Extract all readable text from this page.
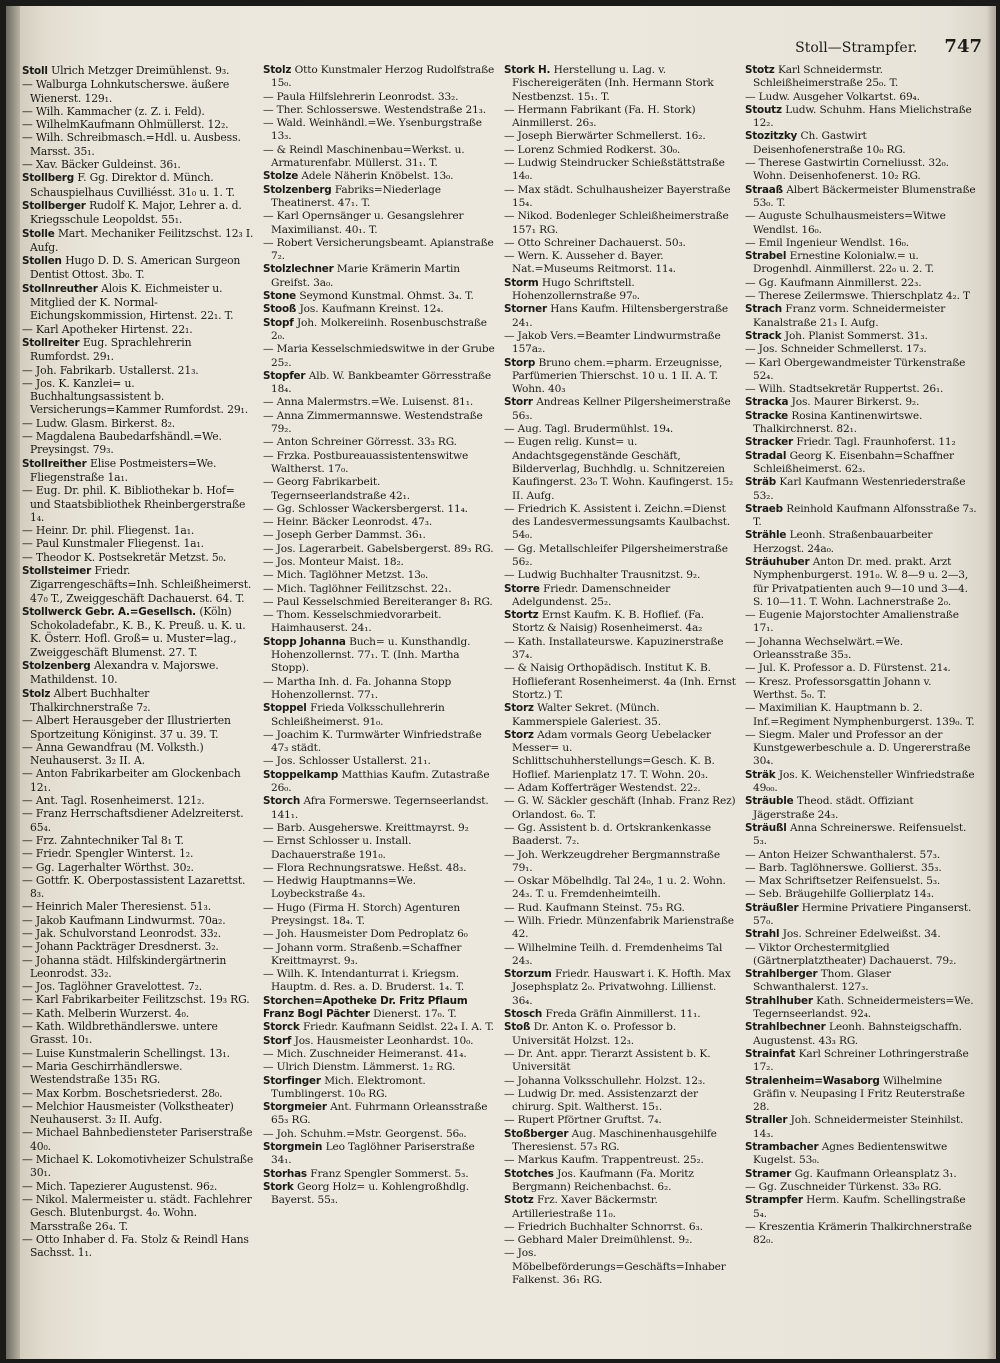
Stoll—Strampfer. 747

Stoll Ulrich Metzger Dreimühlenst. 9₃.

— Walburga Lohnkutscherswe. äußere Wienerst. 129₁.

— Wilh. Kammacher (z. Z. i. Feld).

— WilhelmKaufmann Ohlmüllerst. 12₂.

— Wilh. Schreibmasch.=Hdl. u. Ausbess. Marsst. 35₁.

— Xav. Bäcker Guldeinst. 36₁.

Stollberg F. Gg. Direktor d. Münch. Schauspielhaus Cuvilliésst. 31₀ u. 1. T.

Stollberger Rudolf K. Major, Lehrer a. d. Kriegsschule Leopoldst. 55₁.

Stolle Mart. Mechaniker Feilitzschst. 12₃ I. Aufg.

Stollen Hugo D. D. S. American Surgeon Dentist Ottost. 3b₀. T.

Stollnreuther Alois K. Eichmeister u. Mitglied der K. Normal-Eichungskommission, Hirtenst. 22₁. T.

— Karl Apotheker Hirtenst. 22₁.

Stollreiter Eug. Sprachlehrerin Rumfordst. 29₁.

— Joh. Fabrikarb. Ustallerst. 21₃.

— Jos. K. Kanzlei= u. Buchhaltungsassistent b. Versicherungs=Kammer Rumfordst. 29₁.

— Ludw. Glasm. Birkerst. 8₂.

— Magdalena Baubedarfshändl.=We. Preysingst. 79₃.

Stollreither Elise Postmeisters=We. Fliegenstraße 1a₁.

— Eug. Dr. phil. K. Bibliothekar b. Hof= und Staatsbibliothek Rheinbergerstraße 1₄.

— Heinr. Dr. phil. Fliegenst. 1a₁.

— Paul Kunstmaler Fliegenst. 1a₁.

— Theodor K. Postsekretär Metzst. 5₀.

Stollsteimer Friedr. Zigarrengeschäfts=Inh. Schleißheimerst. 47₀ T., Zweiggeschäft Dachauerst. 64. T.

Stollwerck Gebr. A.=Gesellsch. (Köln) Schokoladefabr., K. B., K. Preuß. u. K. u. K. Österr. Hofl. Groß= u. Muster=lag., Zweiggeschäft Blumenst. 27. T.

Stolzenberg Alexandra v. Majorswe. Mathildenst. 10.

Stolz Albert Buchhalter Thalkirchnerstraße 7₂.

— Albert Herausgeber der Illustrierten Sportzeitung Königinst. 37 u. 39. T.

— Anna Gewandfrau (M. Volksth.) Neuhauserst. 3₂ II. A.

— Anton Fabrikarbeiter am Glockenbach 12₁.

— Ant. Tagl. Rosenheimerst. 121₂.

— Franz Herrschaftsdiener Adelzreiterst. 65₄.

— Frz. Zahntechniker Tal 8₁ T.

— Friedr. Spengler Winterst. 1₂.

— Gg. Lagerhalter Wörthst. 30₂.

— Gottfr. K. Oberpostassistent Lazarettst. 8₃.

— Heinrich Maler Theresienst. 51₃.

— Jakob Kaufmann Lindwurmst. 70a₂.

— Jak. Schulvorstand Leonrodst. 33₂.

— Johann Packträger Dresdnerst. 3₂.

— Johanna städt. Hilfskindergärtnerin Leonrodst. 33₂.

— Jos. Taglöhner Gravelottest. 7₂.

— Karl Fabrikarbeiter Feilitzschst. 19₃ RG.

— Kath. Melberin Wurzerst. 4₀.

— Kath. Wildbrethändlerswe. untere Grasst. 10₁.

— Luise Kunstmalerin Schellingst. 13₁.

— Maria Geschirrhändlerswe. Westendstraße 135₁ RG.

— Max Korbm. Boschetsriederst. 28₀.

— Melchior Hausmeister (Volkstheater) Neuhauserst. 3₂ II. Aufg.

— Michael Bahnbediensteter Pariserstraße 40₀.

— Michael K. Lokomotivheizer Schulstraße 30₁.

— Mich. Tapezierer Augustenst. 96₂.

— Nikol. Malermeister u. städt. Fachlehrer Gesch. Blutenburgst. 4₀. Wohn. Marsstraße 26₄. T.

— Otto Inhaber d. Fa. Stolz & Reindl Hans Sachsst. 1₁.

Stolz Otto Kunstmaler Herzog Rudolfstraße 15₀.

— Paula Hilfslehrerin Leonrodst. 33₂.

— Ther. Schlosserswe. Westendstraße 21₃.

— Wald. Weinhändl.=We. Ysenburgstraße 13₃.

— & Reindl Maschinenbau=Werkst. u. Armaturenfabr. Müllerst. 31₁. T.

Stolze Adele Näherin Knöbelst. 13₀.

Stolzenberg Fabriks=Niederlage Theatinerst. 47₁. T.

— Karl Opernsänger u. Gesangslehrer Maximilianst. 40₁. T.

— Robert Versicherungsbeamt. Apianstraße 7₂.

Stolzlechner Marie Krämerin Martin Greifst. 3a₀.

Stone Seymond Kunstmal. Ohmst. 3₄. T.

Stooß Jos. Kaufmann Kreinst. 12₄.

Stopf Joh. Molkereiinh. Rosenbuschstraße 2₀.

— Maria Kesselschmiedswitwe in der Grube 25₂.

Stopfer Alb. W. Bankbeamter Görresstraße 18₄.

— Anna Malermstrs.=We. Luisenst. 81₁.

— Anna Zimmermannswe. Westendstraße 79₂.

— Anton Schreiner Görresst. 33₃ RG.

— Frzka. Postbureauassistentenswitwe Waltherst. 17₀.

— Georg Fabrikarbeit. Tegernseerlandstraße 42₁.

— Gg. Schlosser Wackersbergerst. 11₄.

— Heinr. Bäcker Leonrodst. 47₃.

— Joseph Gerber Dammst. 36₁.

— Jos. Lagerarbeit. Gabelsbergerst. 89₃ RG.

— Jos. Monteur Maist. 18₂.

— Mich. Taglöhner Metzst. 13₀.

— Mich. Taglöhner Feilitzschst. 22₁.

— Paul Kesselschmied Bereiteranger 8₁ RG.

— Thom. Kesselschmiedvorarbeit. Haimhauserst. 24₁.

Stopp Johanna Buch= u. Kunsthandlg. Hohenzollernst. 77₁. T. (Inh. Martha Stopp).

— Martha Inh. d. Fa. Johanna Stopp Hohenzollernst. 77₁.

Stoppel Frieda Volksschullehrerin Schleißheimerst. 91₀.

— Joachim K. Turmwärter Winfriedstraße 47₃ städt.

— Jos. Schlosser Ustallerst. 21₁.

Stoppelkamp Matthias Kaufm. Zutastraße 26₀.

Storch Afra Formerswe. Tegernseerlandst. 141₁.

— Barb. Ausgeherswe. Kreittmayrst. 9₂

— Ernst Schlosser u. Install. Dachauerstraße 191₀.

— Flora Rechnungsratswe. Heßst. 48₃.

— Hedwig Hauptmanns=We. Loybeckstraße 4₃.

— Hugo (Firma H. Storch) Agenturen Preysingst. 18₄. T.

— Joh. Hausmeister Dom Pedroplatz 6₀

— Johann vorm. Straßenb.=Schaffner Kreittmayrst. 9₃.

— Wilh. K. Intendanturrat i. Kriegsm. Hauptm. d. Res. a. D. Bruderst. 1₄. T.

Storchen=Apotheke Dr. Fritz Pflaum

Franz Bogl Pächter Dienerst. 17₀. T.

Storck Friedr. Kaufmann Seidlst. 22₄ I. A. T.

Storf Jos. Hausmeister Leonhardst. 10₀.

— Mich. Zuschneider Heimeranst. 41₄.

— Ulrich Dienstm. Lämmerst. 1₂ RG.

Storfinger Mich. Elektromont. Tumblingerst. 10₀ RG.

Storgmeier Ant. Fuhrmann Orleansstraße 65₃ RG.

— Joh. Schuhm.=Mstr. Georgenst. 56₀.

Storgmein Leo Taglöhner Pariserstraße 34₁.

Storhas Franz Spengler Sommerst. 5₃.

Stork Georg Holz= u. Kohlengroßhdlg. Bayerst. 55₃.

Stork H. Herstellung u. Lag. v. Fischereigeräten (Inh. Hermann Stork Nestbenzst. 15₁. T.

— Hermann Fabrikant (Fa. H. Stork) Ainmillerst. 26₃.

— Joseph Bierwärter Schmellerst. 16₂.

— Lorenz Schmied Rodkerst. 30₀.

— Ludwig Steindrucker Schießstättstraße 14₀.

— Max städt. Schulhausheizer Bayerstraße 15₄.

— Nikod. Bodenleger Schleißheimerstraße 157₁ RG.

— Otto Schreiner Dachauerst. 50₃.

— Wern. K. Ausseher d. Bayer. Nat.=Museums Reitmorst. 11₄.

Storm Hugo Schriftstell. Hohenzollernstraße 97₀.

Storner Hans Kaufm. Hiltensbergerstraße 24₁.

— Jakob Vers.=Beamter Lindwurmstraße 157a₂.

Storp Bruno chem.=pharm. Erzeugnisse, Parfümerien Thierschst. 10 u. 1 II. A. T. Wohn. 40₃

Storr Andreas Kellner Pilgersheimerstraße 56₃.

— Aug. Tagl. Brudermühlst. 19₄.

— Eugen relig. Kunst= u. Andachtsgegenstände Geschäft, Bilderverlag, Buchhdlg. u. Schnitzereien Kaufingerst. 23₀ T. Wohn. Kaufingerst. 15₂ II. Aufg.

— Friedrich K. Assistent i. Zeichn.=Dienst des Landesvermessungsamts Kaulbachst. 54₀.

— Gg. Metallschleifer Pilgersheimerstraße 56₂.

— Ludwig Buchhalter Trausnitzst. 9₂.

Storre Friedr. Damenschneider Adelgundenst. 25₂.

Stortz Ernst Kaufm. K. B. Hoflief. (Fa. Stortz & Naisig) Rosenheimerst. 4a₂

— Kath. Installateurswe. Kapuzinerstraße 37₄.

— & Naisig Orthopädisch. Institut K. B. Hoflieferant Rosenheimerst. 4a (Inh. Ernst Stortz.) T.

Storz Walter Sekret. (Münch. Kammerspiele Galeriest. 35.

Storz Adam vormals Georg Uebelacker Messer= u. Schlittschuhherstellungs=Gesch. K. B. Hoflief. Marienplatz 17. T. Wohn. 20₃.

— Adam Kofferträger Westendst. 22₂.

— G. W. Säckler geschäft (Inhab. Franz Rez) Orlandost. 6₀. T.

— Gg. Assistent b. d. Ortskrankenkasse Baaderst. 7₂.

— Joh. Werkzeugdreher Bergmannstraße 79₁.

— Oskar Möbelhdlg. Tal 24₀, 1 u. 2. Wohn. 24₃. T. u. Fremdenheimteilh.

— Rud. Kaufmann Steinst. 75₃ RG.

— Wilh. Friedr. Münzenfabrik Marienstraße 42.

— Wilhelmine Teilh. d. Fremdenheims Tal 24₃.

Storzum Friedr. Hauswart i. K. Hofth. Max Josephsplatz 2₀. Privatwohng. Lillienst. 36₄.

Stosch Freda Gräfin Ainmillerst. 11₁.

Stoß Dr. Anton K. o. Professor b. Universität Holzst. 12₃.

— Dr. Ant. appr. Tierarzt Assistent b. K. Universität

— Johanna Volksschullehr. Holzst. 12₃.

— Ludwig Dr. med. Assistenzarzt der chirurg. Spit. Waltherst. 15₁.

— Rupert Pförtner Gruftst. 7₄.

Stoßberger Aug. Maschinenhausgehilfe Theresienst. 57₃ RG.

— Markus Kaufm. Trappentreust. 25₂.

Stotches Jos. Kaufmann (Fa. Moritz Bergmann) Reichenbachst. 6₂.

Stotz Frz. Xaver Bäckermstr. Artilleriestraße 11₀.

— Friedrich Buchhalter Schnorrst. 6₃.

— Gebhard Maler Dreimühlenst. 9₂.

— Jos. Möbelbeförderungs=Geschäfts=Inhaber Falkenst. 36₁ RG.

Stotz Karl Schneidermstr. Schleißheimerstraße 25₀. T.

— Ludw. Ausgeher Volkartst. 69₄.

Stoutz Ludw. Schuhm. Hans Mielichstraße 12₂.

Stozitzky Ch. Gastwirt Deisenhofenerstraße 10₀ RG.

— Therese Gastwirtin Corneliusst. 32₀. Wohn. Deisenhofenerst. 10₂ RG.

Straaß Albert Bäckermeister Blumenstraße 53₀. T.

— Auguste Schulhausmeisters=Witwe Wendlst. 16₀.

— Emil Ingenieur Wendlst. 16₀.

Strabel Ernestine Kolonialw.= u. Drogenhdl. Ainmillerst. 22₀ u. 2. T.

— Gg. Kaufmann Ainmillerst. 22₃.

— Therese Zeilermswe. Thierschplatz 4₂. T

Strach Franz vorm. Schneidermeister Kanalstraße 21₃ I. Aufg.

Strack Joh. Planist Sommerst. 31₃.

— Jos. Schneider Schmellerst. 17₃.

— Karl Obergewandmeister Türkenstraße 52₄.

— Wilh. Stadtsekretär Ruppertst. 26₁.

Stracka Jos. Maurer Birkerst. 9₂.

Stracke Rosina Kantinenwirtswe. Thalkirchnerst. 82₁.

Stracker Friedr. Tagl. Fraunhoferst. 11₂

Stradal Georg K. Eisenbahn=Schaffner Schleißheimerst. 62₃.

Sträb Karl Kaufmann Westenriederstraße 53₂.

Straeb Reinhold Kaufmann Alfonsstraße 7₃. T.

Strähle Leonh. Straßenbauarbeiter Herzogst. 24a₀.

Sträuhuber Anton Dr. med. prakt. Arzt Nymphenburgerst. 191₀. W. 8—9 u. 2—3, für Privatpatienten auch 9—10 und 3—4. S. 10—11. T. Wohn. Lachnerstraße 2₀.

— Eugenie Majorstochter Amalienstraße 17₁.

— Johanna Wechselwärt.=We. Orleansstraße 35₃.

— Jul. K. Professor a. D. Fürstenst. 21₄.

— Kresz. Professorsgattin Johann v. Werthst. 5₀. T.

— Maximilian K. Hauptmann b. 2. Inf.=Regiment Nymphenburgerst. 139₀. T.

— Siegm. Maler und Professor an der Kunstgewerbeschule a. D. Ungererstraße 30₄.

Sträk Jos. K. Weichensteller Winfriedstraße 49₀₀.

Sträuble Theod. städt. Offiziant Jägerstraße 24₃.

Sträußl Anna Schreinerswe. Reifensuelst. 5₃.

— Anton Heizer Schwanthalerst. 57₃.

— Barb. Taglöhnerswe. Gollierst. 35₃.

— Max Schriftsetzer Reifensuelst. 5₃.

— Seb. Bräugehilfe Gollierplatz 14₃.

Sträußler Hermine Privatiere Pinganserst. 57₀.

Strahl Jos. Schreiner Edelweißst. 34.

— Viktor Orchestermitglied (Gärtnerplatztheater) Dachauerst. 79₂.

Strahlberger Thom. Glaser Schwanthalerst. 127₃.

Strahlhuber Kath. Schneidermeisters=We. Tegernseerlandst. 92₄.

Strahlbechner Leonh. Bahnsteigschaffn. Augustenst. 43₃ RG.

Strainfat Karl Schreiner Lothringerstraße 17₂.

Stralenheim=Wasaborg Wilhelmine Gräfin v. Neupasing I Fritz Reuterstraße 28.

Straller Joh. Schneidermeister Steinhilst. 14₃.

Strambacher Agnes Bedientenswitwe Kugelst. 53₀.

Stramer Gg. Kaufmann Orleansplatz 3₁.

— Gg. Zuschneider Türkenst. 33₀ RG.

Strampfer Herm. Kaufm. Schellingstraße 5₄.

— Kreszentia Krämerin Thalkirchnerstraße 82₀.
